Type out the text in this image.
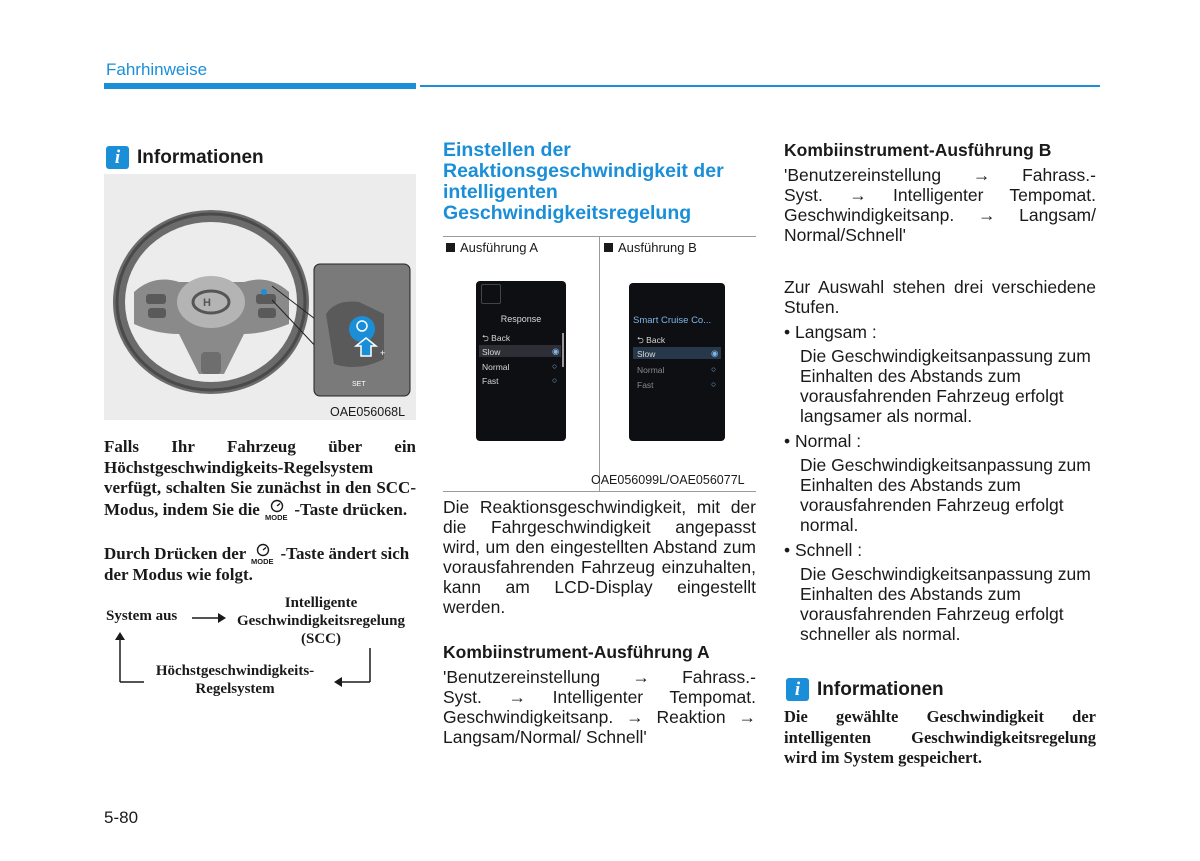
Fahrhinweise
i Informationen
H
+
SET
OAE056068L
Falls Ihr Fahrzeug über ein Höchstgeschwindigkeits-Regelsystem verfügt, schalten Sie zunächst in den SCC-Modus, indem Sie die MODE -Taste drücken.
Durch Drücken der MODE -Taste ändert sich der Modus wie folgt.
System aus
Intelligente
Geschwindigkeitsregelung
(SCC)
Höchstgeschwindigkeits-
Regelsystem
Einstellen der
Reaktionsgeschwindigkeit der
intelligenten
Geschwindigkeitsregelung
Ausführung A	Ausführung B
Response
⮌ Back
Slow	◉
Normal	○
Fast	○
Smart Cruise Co...
⮌ Back
Slow	◉
Normal	○
Fast	○
OAE056099L/OAE056077L
Die Reaktionsgeschwindigkeit, mit der die Fahrgeschwindigkeit angepasst wird, um den eingestellten Abstand zum vorausfahrenden Fahrzeug einzuhalten, kann am LCD-Display eingestellt werden.
Kombiinstrument-Ausführung A
'Benutzereinstellung → Fahrass.-
Syst. → Intelligenter Tempomat.
Geschwindigkeitsanp. → Reaktion →
Langsam/Normal/ Schnell'
Kombiinstrument-Ausführung B
'Benutzereinstellung → Fahrass.-
Syst. → Intelligenter Tempomat.
Geschwindigkeitsanp. → Langsam/
Normal/Schnell'
Zur Auswahl stehen drei verschiedene Stufen.
• Langsam :
Die Geschwindigkeitsanpassung zum Einhalten des Abstands zum vorausfahrenden Fahrzeug erfolgt langsamer als normal.
• Normal :
Die Geschwindigkeitsanpassung zum Einhalten des Abstands zum vorausfahrenden Fahrzeug erfolgt normal.
• Schnell :
Die Geschwindigkeitsanpassung zum Einhalten des Abstands zum vorausfahrenden Fahrzeug erfolgt schneller als normal.
i Informationen
Die gewählte Geschwindigkeit der intelligenten Geschwindigkeitsregelung wird im System gespeichert.
5-80
